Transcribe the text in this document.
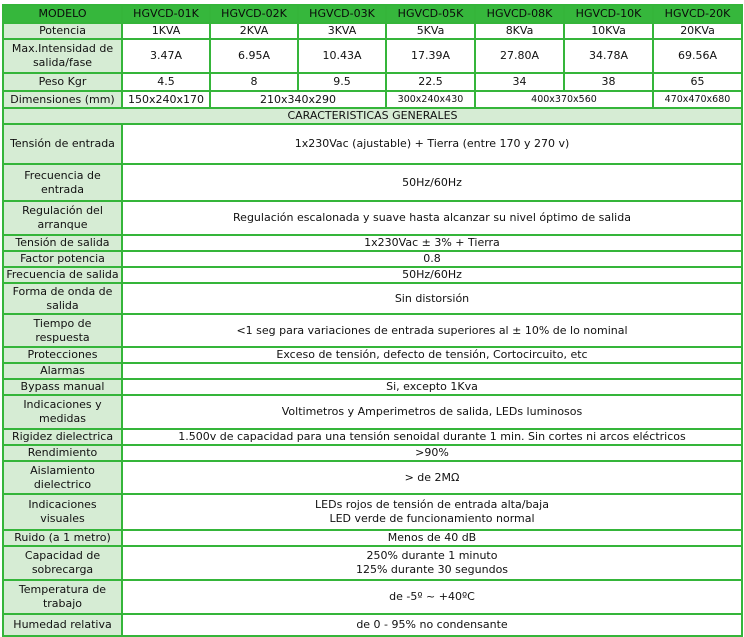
MODELO	HGVCD-01K	HGVCD-02K	HGVCD-03K	HGVCD-05K	HGVCD-08K	HGVCD-10K	HGVCD-20K
Potencia	1KVA	2KVA	3KVA	5KVa	8KVa	10KVa	20KVa
Max.Intensidad de salida/fase	3.47A	6.95A	10.43A	17.39A	27.80A	34.78A	69.56A
Peso Kgr	4.5	8	9.5	22.5	34	38	65
Dimensiones (mm)	150x240x170	210x340x290		300x240x430	400x370x560		470x470x680
CARACTERISTICAS GENERALES							
Tensión de entrada	1x230Vac (ajustable) + Tierra (entre 170 y 270 v)						
Frecuencia de entrada	50Hz/60Hz						
Regulación del arranque	Regulación escalonada y suave hasta alcanzar su nivel óptimo de salida						
Tensión de salida	1x230Vac ± 3% + Tierra						
Factor potencia	0.8						
Frecuencia de salida	50Hz/60Hz						
Forma de onda de salida	Sin distorsión						
Tiempo de respuesta	<1 seg para variaciones de entrada superiores al ± 10% de lo nominal						
Protecciones	Exceso de tensión, defecto de tensión, Cortocircuito, etc						
Alarmas							
Bypass manual	Si, excepto 1Kva						
Indicaciones y medidas	Voltimetros y Amperimetros de salida, LEDs luminosos						
Rigidez dielectrica	1.500v de capacidad para una tensión senoidal durante 1 min. Sin cortes ni arcos eléctricos						
Rendimiento	>90%						
Aislamiento dielectrico	> de 2MΩ						
Indicaciones visuales	LEDs rojos de tensión de entrada alta/baja
LED verde de funcionamiento normal						

Ruido (a 1 metro)	Menos de 40 dB						
Capacidad de sobrecarga	250% durante 1 minuto
125% durante 30 segundos						

Temperatura de trabajo	de -5º ~ +40ºC						
Humedad relativa	de 0 - 95% no condensante						
